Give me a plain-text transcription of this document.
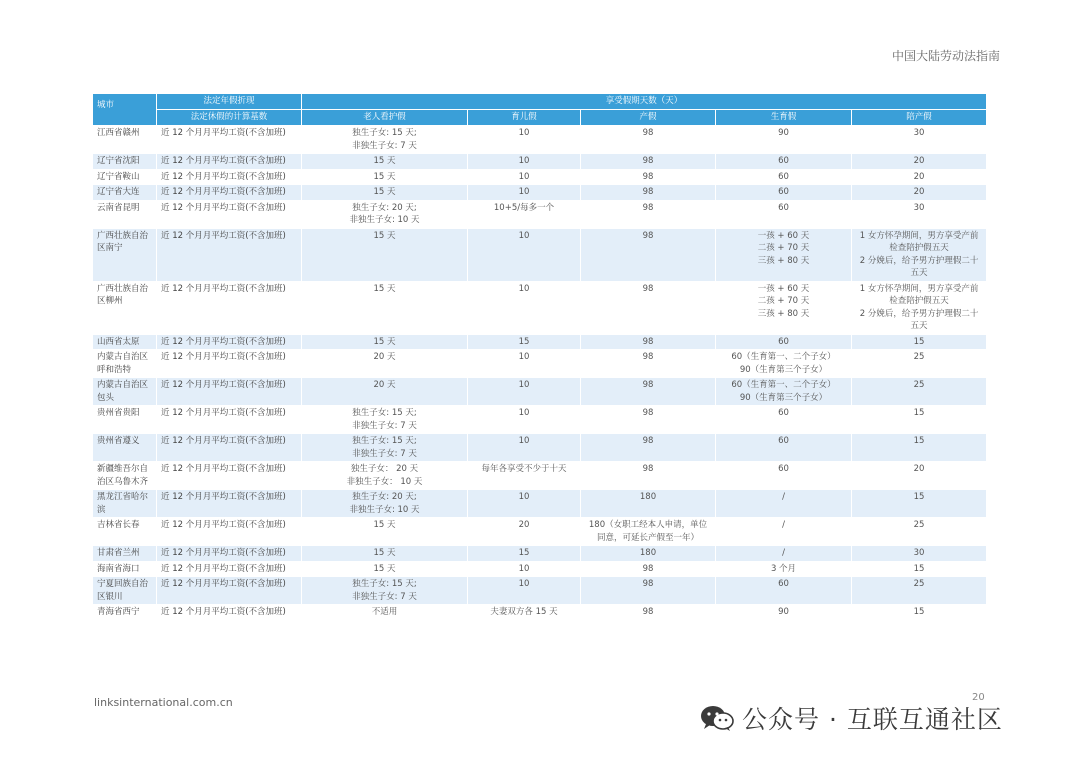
中国大陆劳动法指南
城市	法定年假折现	享受假期天数（天）				
	法定休假的计算基数	老人看护假	育儿假	产假	生育假	陪产假
江西省赣州	近 12 个月月平均工资(不含加班)	独生子女: 15 天;
非独生子女: 7 天	10	98	90	30
辽宁省沈阳	近 12 个月月平均工资(不含加班)	15 天	10	98	60	20
辽宁省鞍山	近 12 个月月平均工资(不含加班)	15 天	10	98	60	20
辽宁省大连	近 12 个月月平均工资(不含加班)	15 天	10	98	60	20
云南省昆明	近 12 个月月平均工资(不含加班)	独生子女: 20 天;
非独生子女: 10 天	10+5/每多一个	98	60	30
广西壮族自治
区南宁	近 12 个月月平均工资(不含加班)	15 天	10	98	一孩 + 60 天
二孩 + 70 天
三孩 + 80 天	1 女方怀孕期间，男方享受产前
检查陪护假五天
2 分娩后，给予男方护理假二十
五天
广西壮族自治
区柳州	近 12 个月月平均工资(不含加班)	15 天	10	98	一孩 + 60 天
二孩 + 70 天
三孩 + 80 天	1 女方怀孕期间，男方享受产前
检查陪护假五天
2 分娩后，给予男方护理假二十
五天
山西省太原	近 12 个月月平均工资(不含加班)	15 天	15	98	60	15
内蒙古自治区
呼和浩特	近 12 个月月平均工资(不含加班)	20 天	10	98	60（生育第一、二个子女）
90（生育第三个子女）	25
内蒙古自治区
包头	近 12 个月月平均工资(不含加班)	20 天	10	98	60（生育第一、二个子女）
90（生育第三个子女）	25
贵州省贵阳	近 12 个月月平均工资(不含加班)	独生子女: 15 天;
非独生子女: 7 天	10	98	60	15
贵州省遵义	近 12 个月月平均工资(不含加班)	独生子女: 15 天;
非独生子女: 7 天	10	98	60	15
新疆维吾尔自
治区乌鲁木齐	近 12 个月月平均工资(不含加班)	独生子女： 20 天
非独生子女： 10 天	每年各享受不少于十天	98	60	20
黑龙江省哈尔
滨	近 12 个月月平均工资(不含加班)	独生子女: 20 天;
非独生子女: 10 天	10	180	/	15
吉林省长春	近 12 个月月平均工资(不含加班)	15 天	20	180（女职工经本人申请，单位
同意，可延长产假至一年）	/	25
甘肃省兰州	近 12 个月月平均工资(不含加班)	15 天	15	180	/	30
海南省海口	近 12 个月月平均工资(不含加班)	15 天	10	98	3 个月	15
宁夏回族自治
区银川	近 12 个月月平均工资(不含加班)	独生子女: 15 天;
非独生子女: 7 天	10	98	60	25
青海省西宁	近 12 个月月平均工资(不含加班)	不适用	夫妻双方各 15 天	98	90	15
linksinternational.com.cn	20
公众号 · 互联互通社区
